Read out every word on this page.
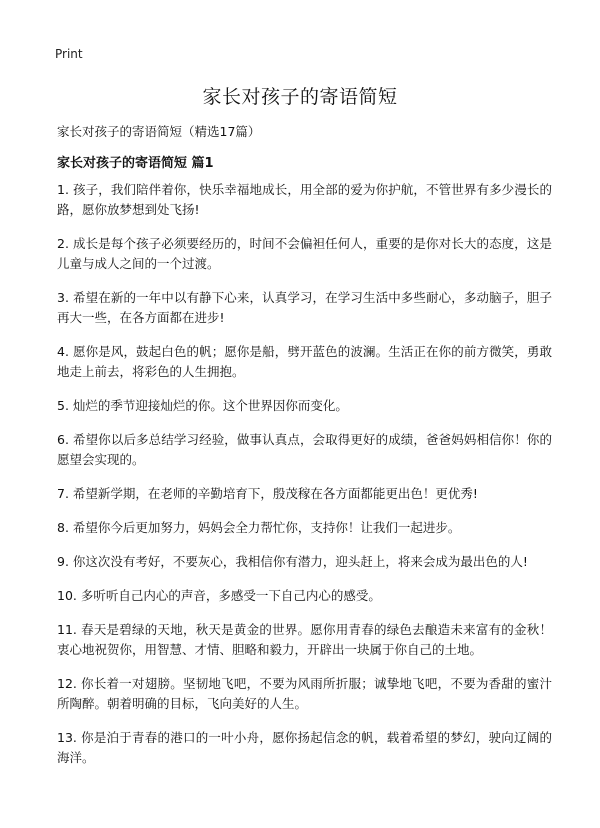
Print
家长对孩子的寄语简短

家长对孩子的寄语简短（精选17篇）

家长对孩子的寄语简短 篇1
1. 孩子，我们陪伴着你，快乐幸福地成长，用全部的爱为你护航，不管世界有多少漫长的路，愿你放梦想到处飞扬!
2. 成长是每个孩子必须要经历的，时间不会偏袒任何人，重要的是你对长大的态度，这是儿童与成人之间的一个过渡。
3. 希望在新的一年中以有静下心来，认真学习，在学习生活中多些耐心，多动脑子，胆子再大一些，在各方面都在进步!
4. 愿你是风，鼓起白色的帆；愿你是船，劈开蓝色的波澜。生活正在你的前方微笑，勇敢地走上前去，将彩色的人生拥抱。
5. 灿烂的季节迎接灿烂的你。这个世界因你而变化。
6. 希望你以后多总结学习经验，做事认真点，会取得更好的成绩，爸爸妈妈相信你！你的愿望会实现的。
7. 希望新学期，在老师的辛勤培育下，殷茂稼在各方面都能更出色！更优秀!
8. 希望你今后更加努力，妈妈会全力帮忙你，支持你！让我们一起进步。
9. 你这次没有考好，不要灰心，我相信你有潜力，迎头赶上，将来会成为最出色的人!
10. 多听听自己内心的声音，多感受一下自己内心的感受。
11. 春天是碧绿的天地，秋天是黄金的世界。愿你用青春的绿色去酿造未来富有的金秋！衷心地祝贺你，用智慧、才情、胆略和毅力，开辟出一块属于你自己的土地。
12. 你长着一对翅膀。坚韧地飞吧，不要为风雨所折服；诚挚地飞吧，不要为香甜的蜜汁所陶醉。朝着明确的目标，飞向美好的人生。
13. 你是泊于青春的港口的一叶小舟，愿你扬起信念的帆，载着希望的梦幻，驶向辽阔的海洋。
